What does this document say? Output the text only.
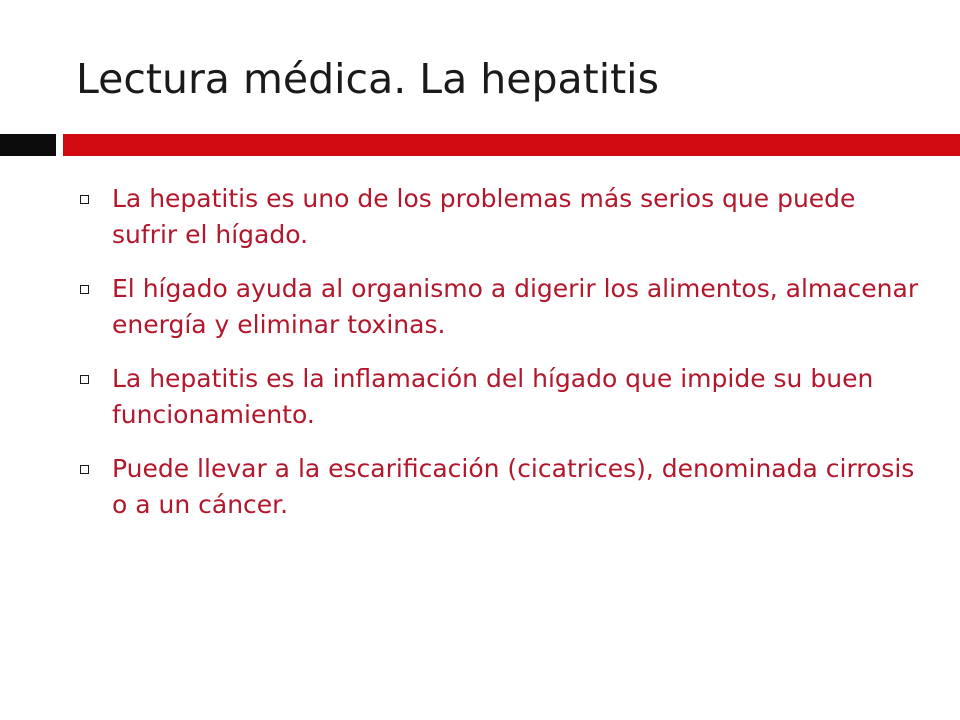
Lectura médica. La hepatitis
La hepatitis es uno de los problemas más serios que puede sufrir el hígado.
El hígado ayuda al organismo a digerir los alimentos, almacenar energía y eliminar toxinas.
La hepatitis es la inflamación del hígado que impide su buen funcionamiento.
Puede llevar a la escarificación (cicatrices), denominada cirrosis o a un cáncer.
